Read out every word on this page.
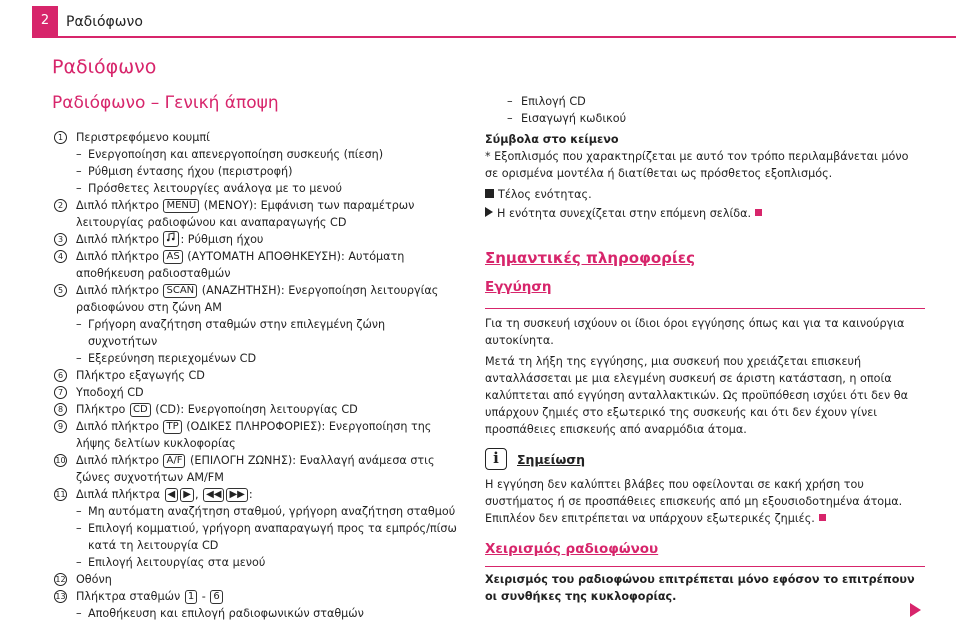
2	Ραδιόφωνο
Ραδιόφωνο
Ραδιόφωνο – Γενική άποψη
1	Περιστρεφόμενο κουμπί
– Ενεργοποίηση και απενεργοποίηση συσκευής (πίεση)
– Ρύθμιση έντασης ήχου (περιστροφή)
– Πρόσθετες λειτουργίες ανάλογα με το μενού
2	Διπλό πλήκτρο MENU (ΜΕΝΟΥ): Εμφάνιση των παραμέτρων λειτουργίας ραδιοφώνου και αναπαραγωγής CD
3	Διπλό πλήκτρο : Ρύθμιση ήχου
4	Διπλό πλήκτρο AS (ΑΥΤΟΜΑΤΗ ΑΠΟΘΗΚΕΥΣΗ): Αυτόματη αποθήκευση ραδιοσταθμών
5	Διπλό πλήκτρο SCAN (ΑΝΑΖΗΤΗΣΗ): Ενεργοποίηση λειτουργίας ραδιοφώνου στη ζώνη AM
– Γρήγορη αναζήτηση σταθμών στην επιλεγμένη ζώνη συχνοτήτων
– Εξερεύνηση περιεχομένων CD
6	Πλήκτρο εξαγωγής CD
7	Υποδοχή CD
8	Πλήκτρο CD (CD): Ενεργοποίηση λειτουργίας CD
9	Διπλό πλήκτρο TP (ΟΔΙΚΕΣ ΠΛΗΡΟΦΟΡΙΕΣ): Ενεργοποίηση της λήψης δελτίων κυκλοφορίας
10 Διπλό πλήκτρο A/F (ΕΠΙΛΟΓΗ ΖΩΝΗΣ): Εναλλαγή ανάμεσα στις ζώνες συχνοτήτων AM/FM
11 Διπλά πλήκτρα ◀ ▶ , ◀◀ ▶▶ :
– Μη αυτόματη αναζήτηση σταθμού, γρήγορη αναζήτηση σταθμού
– Επιλογή κομματιού, γρήγορη αναπαραγωγή προς τα εμπρός/πίσω κατά τη λειτουργία CD
– Επιλογή λειτουργίας στα μενού
12 Οθόνη
13 Πλήκτρα σταθμών 1 - 6
– Αποθήκευση και επιλογή ραδιοφωνικών σταθμών
– Επιλογή CD
– Εισαγωγή κωδικού
Σύμβολα στο κείμενο
* Εξοπλισμός που χαρακτηρίζεται με αυτό τον τρόπο περιλαμβάνεται μόνο σε ορισμένα μοντέλα ή διατίθεται ως πρόσθετος εξοπλισμός.
Τέλος ενότητας.
Η ενότητα συνεχίζεται στην επόμενη σελίδα.
Σημαντικές πληροφορίες
Εγγύηση
Για τη συσκευή ισχύουν οι ίδιοι όροι εγγύησης όπως και για τα καινούργια αυτοκίνητα.
Μετά τη λήξη της εγγύησης, μια συσκευή που χρειάζεται επισκευή ανταλλάσσεται με μια ελεγμένη συσκευή σε άριστη κατάσταση, η οποία καλύπτεται από εγγύηση ανταλλακτικών. Ως προϋπόθεση ισχύει ότι δεν θα υπάρχουν ζημιές στο εξωτερικό της συσκευής και ότι δεν έχουν γίνει προσπάθειες επισκευής από αναρμόδια άτομα.
i	Σημείωση
Η εγγύηση δεν καλύπτει βλάβες που οφείλονται σε κακή χρήση του συστήματος ή σε προσπάθειες επισκευής από μη εξουσιοδοτημένα άτομα. Επιπλέον δεν επιτρέπεται να υπάρχουν εξωτερικές ζημιές.
Χειρισμός ραδιοφώνου
Χειρισμός του ραδιοφώνου επιτρέπεται μόνο εφόσον το επιτρέπουν οι συνθήκες της κυκλοφορίας.
